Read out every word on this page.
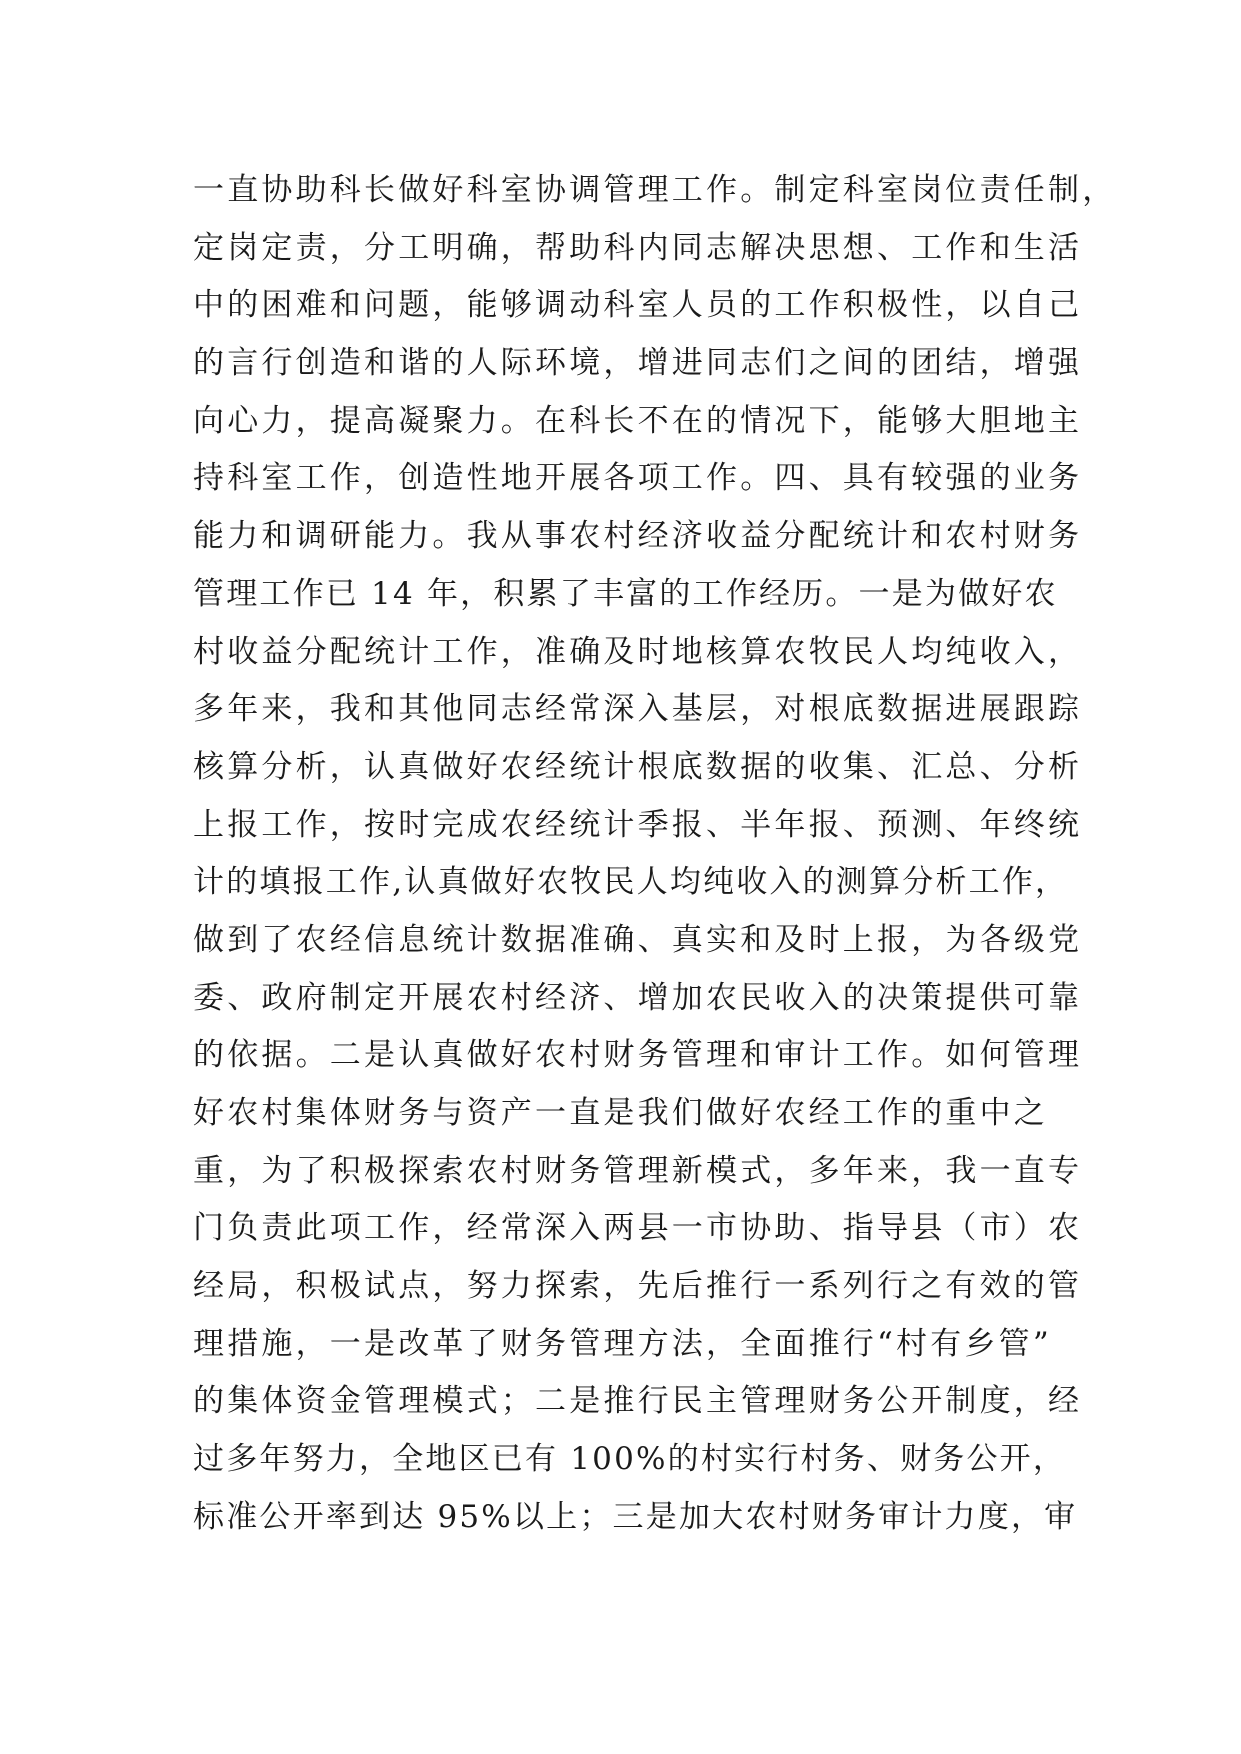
一直协助科长做好科室协调管理工作。制定科室岗位责任制，
定岗定责，分工明确，帮助科内同志解决思想、工作和生活
中的困难和问题，能够调动科室人员的工作积极性，以自己
的言行创造和谐的人际环境，增进同志们之间的团结，增强
向心力，提高凝聚力。在科长不在的情况下，能够大胆地主
持科室工作，创造性地开展各项工作。四、具有较强的业务
能力和调研能力。我从事农村经济收益分配统计和农村财务
管理工作已 14 年，积累了丰富的工作经历。一是为做好农
村收益分配统计工作，准确及时地核算农牧民人均纯收入，
多年来，我和其他同志经常深入基层，对根底数据进展跟踪
核算分析，认真做好农经统计根底数据的收集、汇总、分析
上报工作，按时完成农经统计季报、半年报、预测、年终统
计的填报工作,认真做好农牧民人均纯收入的测算分析工作，
做到了农经信息统计数据准确、真实和及时上报，为各级党
委、政府制定开展农村经济、增加农民收入的决策提供可靠
的依据。二是认真做好农村财务管理和审计工作。如何管理
好农村集体财务与资产一直是我们做好农经工作的重中之
重，为了积极探索农村财务管理新模式，多年来，我一直专
门负责此项工作，经常深入两县一市协助、指导县（市）农
经局，积极试点，努力探索，先后推行一系列行之有效的管
理措施，一是改革了财务管理方法，全面推行“村有乡管”
的集体资金管理模式；二是推行民主管理财务公开制度，经
过多年努力，全地区已有 100%的村实行村务、财务公开，
标准公开率到达 95%以上；三是加大农村财务审计力度，审
